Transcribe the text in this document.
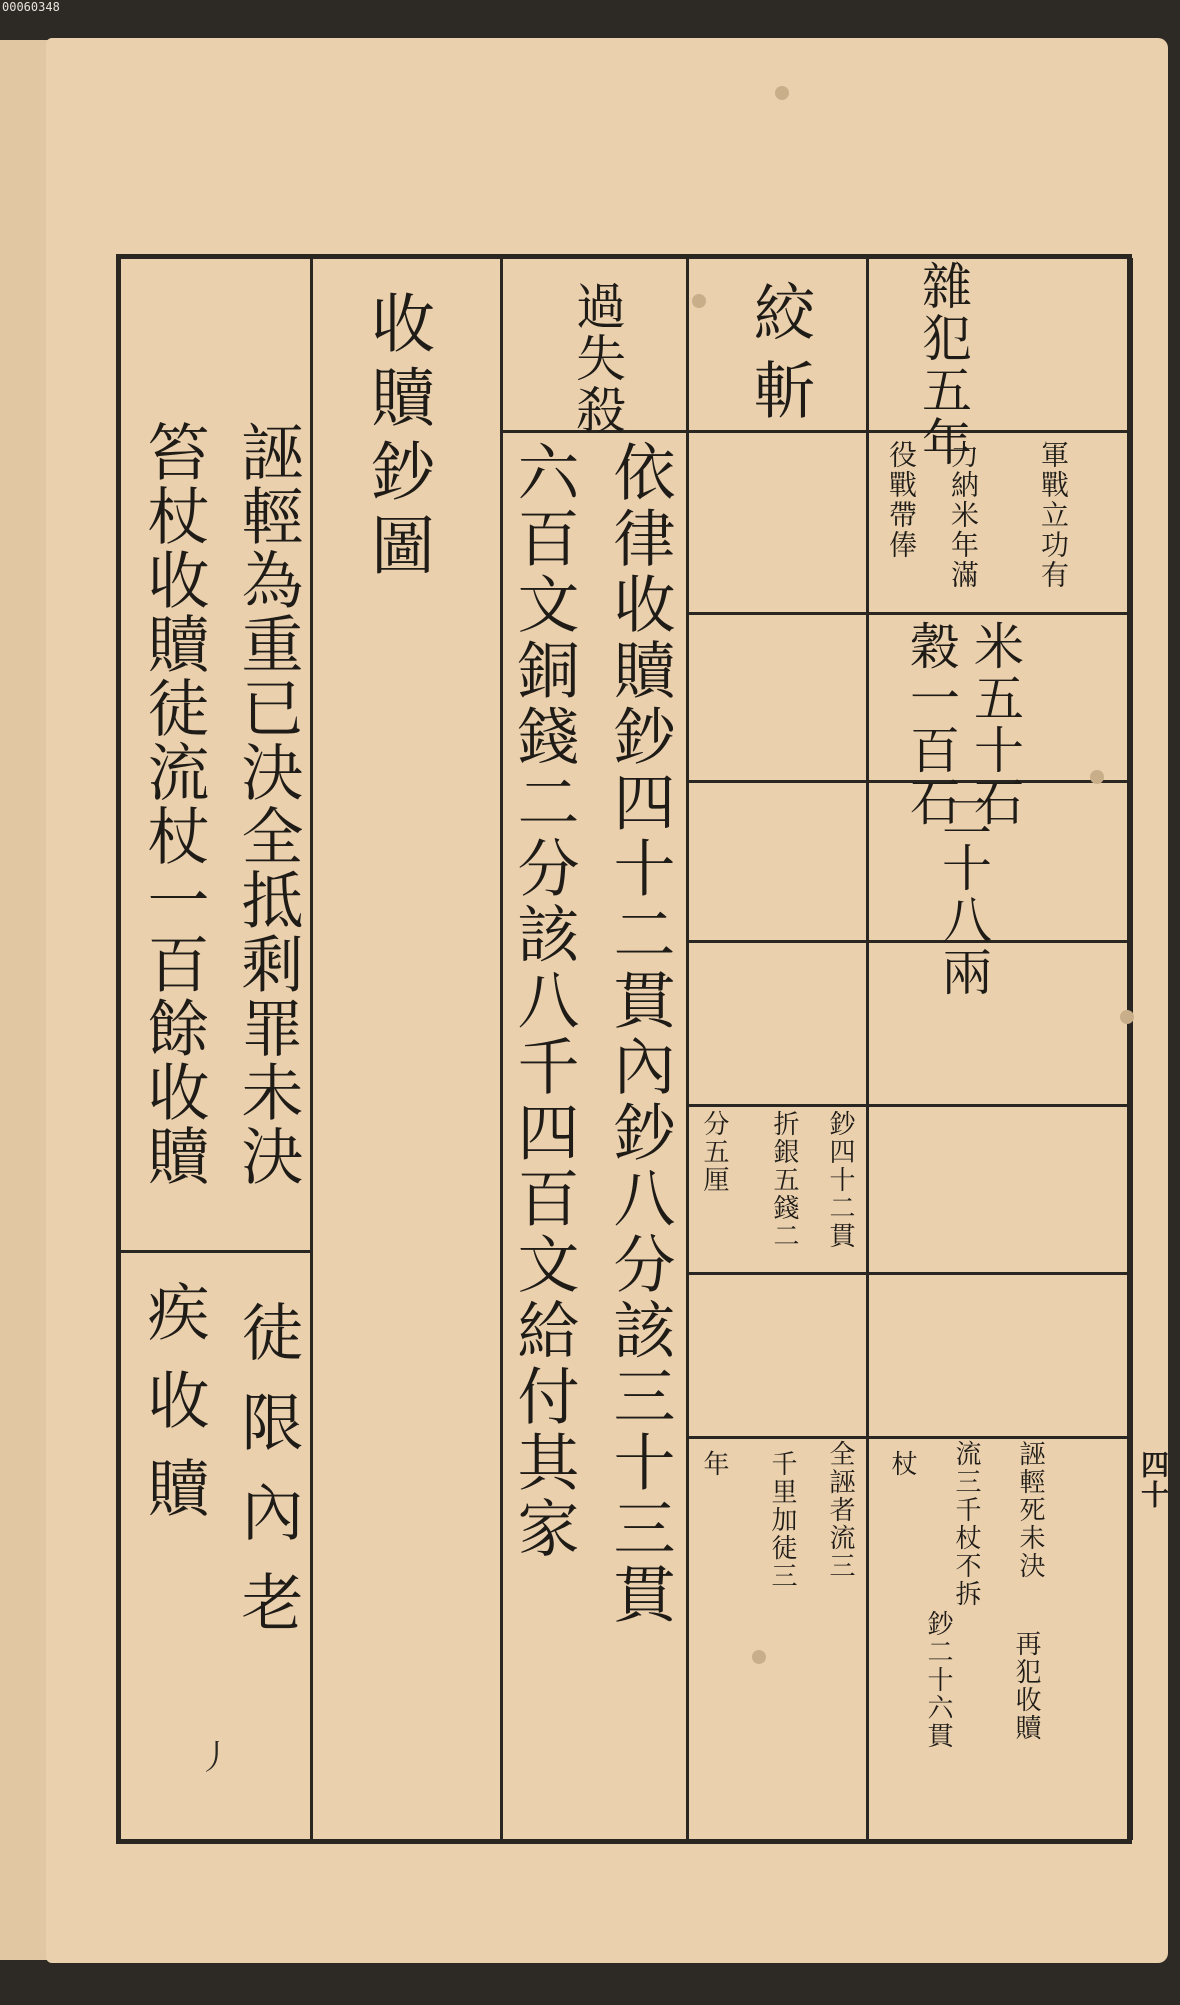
00060348
收贖鈔圖
誣輕為重已決全抵剩罪未決
徒限內老
笞杖收贖徒流杖一百餘收贖
疾收贖
過失殺
依律收贖鈔四十二貫內鈔八分該三十三貫
六百文銅錢二分該八千四百文給付其家
絞斬 雜犯五年
軍戰立功有
力納米年滿
役戰帶俸
米五十石
穀一百石
二十八兩
鈔四十二貫
折銀五錢二
分五厘
誣輕死未決
流三千杖不拆
杖
全誣者流三
千里加徒三
年
再犯收贖
鈔二十六貫
四十
丿
